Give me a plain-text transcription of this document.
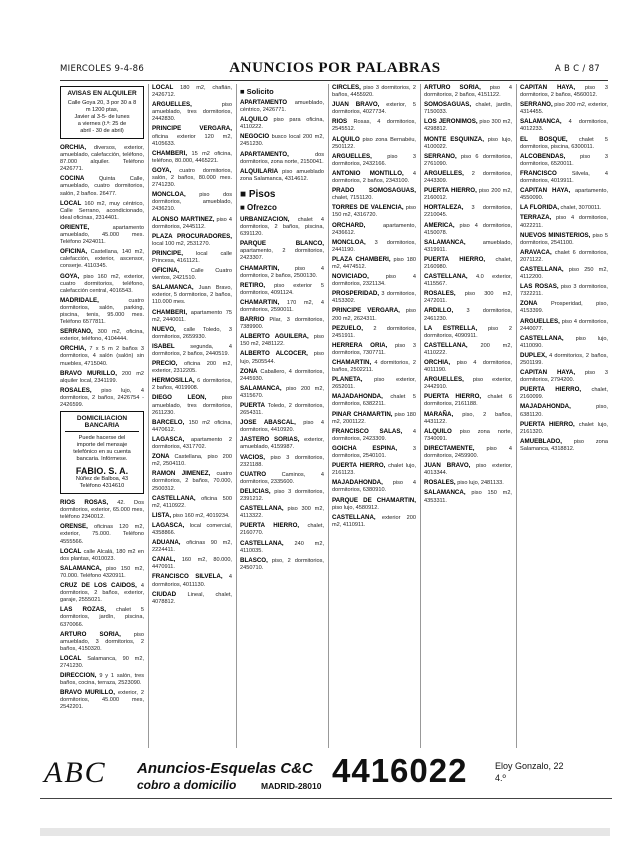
MIERCOLES 9-4-86	ANUNCIOS POR PALABRAS	A B C / 87
AVISAS EN ALQUILER
Calle Goya 20, 3 por 30 a 8 m 1200 ptas,
Javier al 3-5- de lunes
a viernes (t.ª: 25 de
abril - 30 de abril)
ORCHIA, diversos, exterior, amueblado, calefacción, teléfono, 87.000 alquiler. Teléfono 2426771.
COCINA	Quinta Calle, amueblado, cuatro dormitorios, salón, 2 baños. 26477.
LOCAL 160 m2, muy céntrico, Calle Serrano, acondicionado, ideal oficinas, 2314401.
ORIENTE,	apartamento amueblado, 45.000 mes. Teléfono 2424011.
OFICINA, Castellana, 140 m2, calefacción, exterior, ascensor, conserje. 4110345.
GOYA, piso 160 m2, exterior, cuatro dormitorios, teléfono, calefacción central, 4016543.
MADRIDALE,	cuatro dormitorios, salón, parking, piscina, tenis, 95.000 mes. Teléfono 6577811.
SERRANO, 300 m2, oficina, exterior, teléfono, 4104444.
ORCHIA, 7 x 5 m 2 baños 3 dormitorios, 4 salón (salón) sin muebles, 4715040.
BRAVO MURILLO, 200 m2 alquiler local, 2341199.
ROSALES, piso lujo, 4 dormitorios, 2 baños, 2426754 - 2426599.
DOMICILIACION BANCARIA
Puede hacerse del
importe del mensaje
telefónico en su cuenta
bancaria. Infórmese.
FABIO. S. A.
Núñez de Balboa, 43
Teléfono 4314610
RIOS ROSAS, 42. Dos dormitorios, exterior, 65.000 mes, teléfono 2340012.
ORENSE, oficinas 120 m2, exterior, 75.000. Teléfono 4555566.
LOCAL calle Alcalá, 180 m2 en dos plantas, 4010023.
SALAMANCA, piso 150 m2, 70.000. Teléfono 4320911.
CRUZ DE LOS CAIDOS, 4 dormitorios, 2 baños, exterior, garaje, 2555021.
LAS ROZAS, chalet 5 dormitorios, jardín, piscina, 6370066.
ARTURO SORIA, piso amueblado, 3 dormitorios, 2 baños, 4150320.
LOCAL Salamanca, 90 m2, 2741230.
DIRECCION, 9 y 1 salón, tres baños, cocina, terraza, 2523090.
BRAVO MURILLO, exterior, 2 dormitorios, 45.000 mes, 2542201.
LOCAL 180 m2, chaflán, 2426712.
ARGUELLES,	piso amueblado, tres dormitorios, 2442830.
PRINCIPE VERGARA, oficina exterior 120 m2, 4105633.
CHAMBERI, 15 m2 oficina, teléfono, 80.000, 4465221.
GOYA, cuatro dormitorios, salón, 2 baños, 80.000 mes. 2741230.
MONCLOA, piso dos dormitorios, amueblado, 2436210.
ALONSO MARTINEZ, piso 4 dormitorios, 2445112.
PLAZA PROCURADORES, local 100 m2, 2531270.
PRINCIPE, local calle Princesa, 4161121.
OFICINA, Calle Cuatro vientos, 2421510.
SALAMANCA, Juan Bravo, exterior, 5 dormitorios, 2 baños, 110.000 mes.
CHAMBERI, apartamento 75 m2, 2440011.
NUEVO, calle Toledo, 3 dormitorios, 2659930.
ISABEL	segunda, 4 dormitorios, 2 baños, 2440519.
PRECIO, oficina 200 m2, exterior, 2312205.
HERMOSILLA, 6 dormitorios, 2 baños, 4019908.
DIEGO LEON,	piso amueblado, tres dormitorios, 2611230.
BARCELO, 150 m2 oficina, 4470612.
LAGASCA, apartamento 2 dormitorios, 4317702.
ZONA Castellana, piso 200 m2, 2504110.
RAMON JIMENEZ, cuatro dormitorios, 2 baños, 70.000, 2500312.
CASTELLANA, oficina 500 m2, 4110922.
LISTA, piso 160 m2, 4019234.
LAGASCA, local comercial, 4358866.
ADUANA, oficinas 90 m2, 2224411.
CANAL, 160 m2, 80.000, 4470911.
FRANCISCO SILVELA, 4 dormitorios, 4011130.
CIUDAD Lineal, chalet, 4078812.
■ Solicito
APARTAMENTO amueblado, céntrico, 2426771.
ALQUILO piso para oficina, 4110222.
NEGOCIO busco local 200 m2, 2451230.
APARTAMENTO,	dos dormitorios, zona norte, 2150041.
ALQUILARIA piso amueblado zona Salamanca, 4314612.
■ Pisos
■ Ofrezco
URBANIZACION, chalet 4 dormitorios, 2 baños, piscina, 6391120.
PARQUE BLANCO, apartamento, 2 dormitorios, 2423307.
CHAMARTIN,	piso 4 dormitorios, 2 baños, 2500130.
RETIRO, piso exterior 5 dormitorios, 4091124.
CHAMARTIN, 170 m2, 4 dormitorios, 2590011.
BARRIO Pilar, 3 dormitorios, 7389900.
ALBERTO AGUILERA, piso 150 m2, 2481122.
ALBERTO ALCOCER, piso lujo, 2505544.
ZONA Caballero, 4 dormitorios, 2445930.
SALAMANCA, piso 200 m2, 4315670.
PUERTA Toledo, 2 dormitorios, 2654311.
JOSE ABASCAL, piso 4 dormitorios, 4410920.
JASTERO SORIAS, exterior, amueblado, 4159987.
VACIOS, piso 3 dormitorios, 2321188.
CUATRO	Caminos, 4 dormitorios, 2335600.
DELICIAS, piso 3 dormitorios, 2391212.
CASTELLANA, piso 300 m2, 4113322.
PUERTA HIERRO, chalet, 2160770.
CASTELLANA, 240 m2, 4110035.
BLASCO, piso, 2 dormitorios, 2450710.
CIRCLES, piso 3 dormitorios, 2 baños, 4455920.
JUAN BRAVO, exterior, 5 dormitorios, 4027734.
RIOS Rosas, 4 dormitorios, 2545512.
ALQUILO piso zona Bernabéu, 2501122.
ARGUELLES,	piso 3 dormitorios, 2432166.
ANTONIO MONTILLO, 4 dormitorios, 2 baños, 2343100.
PRADO SOMOSAGUAS, chalet, 7151120.
TORRES DE VALENCIA, piso 150 m2, 4316720.
ORCHARD,	apartamento, 2436612.
MONCLOA, 3 dormitorios, 2441190.
PLAZA CHAMBERI, piso 180 m2, 4474512.
NOVICIADO,	piso 4 dormitorios, 2321134.
PROSPERIDAD, 3 dormitorios, 4153302.
PRINCIPE VERGARA, piso 200 m2, 2624311.
PEZUELO, 2 dormitorios, 2451911.
HERRERA ORIA, piso 3 dormitorios, 7307711.
CHAMARTIN, 4 dormitorios, 2 baños, 2502211.
PLANETA, piso exterior, 2652011.
MAJADAHONDA, chalet 5 dormitorios, 6382211.
PINAR CHAMARTIN, piso 180 m2, 2001122.
FRANCISCO SALAS, 4 dormitorios, 2423309.
GOICHA ESPINA,	3 dormitorios, 2540101.
PUERTA HIERRO, chalet lujo, 2161123.
MAJADAHONDA, piso 4 dormitorios, 6380910.
PARQUE DE CHAMARTIN, piso lujo, 4580912.
CASTELLANA, exterior 200 m2, 4110911.
ARTURO SORIA, piso 4 dormitorios, 2 baños, 4151122.
SOMOSAGUAS, chalet, jardín, 7150033.
LOS JERONIMOS, piso 300 m2, 4298812.
MONTE ESQUINZA, piso lujo, 4100022.
SERRANO, piso 6 dormitorios, 2761090.
ARGUELLES, 2 dormitorios, 2443309.
PUERTA HIERRO, piso 200 m2, 2160012.
HORTALEZA, 3 dormitorios, 2210045.
AMERICA, piso 4 dormitorios, 4150078.
SALAMANCA,	amueblado, 4319911.
PUERTA HIERRO, chalet, 2160980.
CASTELLANA, 4.0 exterior, 4115567.
ROSALES, piso 300 m2, 2472011.
ARDILLO, 3 dormitorios, 2461230.
LA ESTRELLA, piso 2 dormitorios, 4090911.
CASTELLANA, 200 m2, 4110222.
ORCHIA, piso 4 dormitorios, 4011190.
ARGUELLES, piso exterior, 2442910.
PUERTA HIERRO, chalet 6 dormitorios, 2161188.
MARAÑA, piso, 2 baños, 4431122.
ALQUILO piso zona norte, 7340091.
DIRECTAMENTE, piso 4 dormitorios, 2459900.
JUAN BRAVO, piso exterior, 4013344.
ROSALES, piso lujo, 2481133.
SALAMANCA, piso 150 m2, 4353311.
CAPITAN HAYA, piso 3 dormitorios, 2 baños, 4560012.
SERRANO, piso 200 m2, exterior, 4314455.
SALAMANCA, 4 dormitorios, 4012233.
EL BOSQUE, chalet 5 dormitorios, piscina, 6300011.
ALCOBENDAS,	piso 3 dormitorios, 6520011.
FRANCISCO	Silvela, 4 dormitorios, 4019911.
CAPITAN HAYA, apartamento, 4550090.
LA FLORIDA, chalet, 3070011.
TERRAZA, piso 4 dormitorios, 4022211.
NUEVOS MINISTERIOS, piso 5 dormitorios, 2541100.
ARAVACA, chalet 6 dormitorios, 2071122.
CASTELLANA, piso 250 m2, 4112200.
LAS ROSAS, piso 3 dormitorios, 7322211.
ZONA Prosperidad, piso, 4153399.
ARGUELLES, piso 4 dormitorios, 2440077.
CASTELLANA, piso lujo, 4110090.
DUPLEX, 4 dormitorios, 2 baños, 2501199.
CAPITAN HAYA, piso 3 dormitorios, 2794200.
PUERTA HIERRO, chalet, 2160099.
MAJADAHONDA,	piso, 6381120.
PUERTA HIERRO, chalet lujo, 2161320.
AMUEBLADO, piso zona Salamanca, 4318812.
ABC Anuncios-Esquelas C&C
cobro a domicilio	MADRID-28010 4416022	Eloy Gonzalo, 22
4.º
